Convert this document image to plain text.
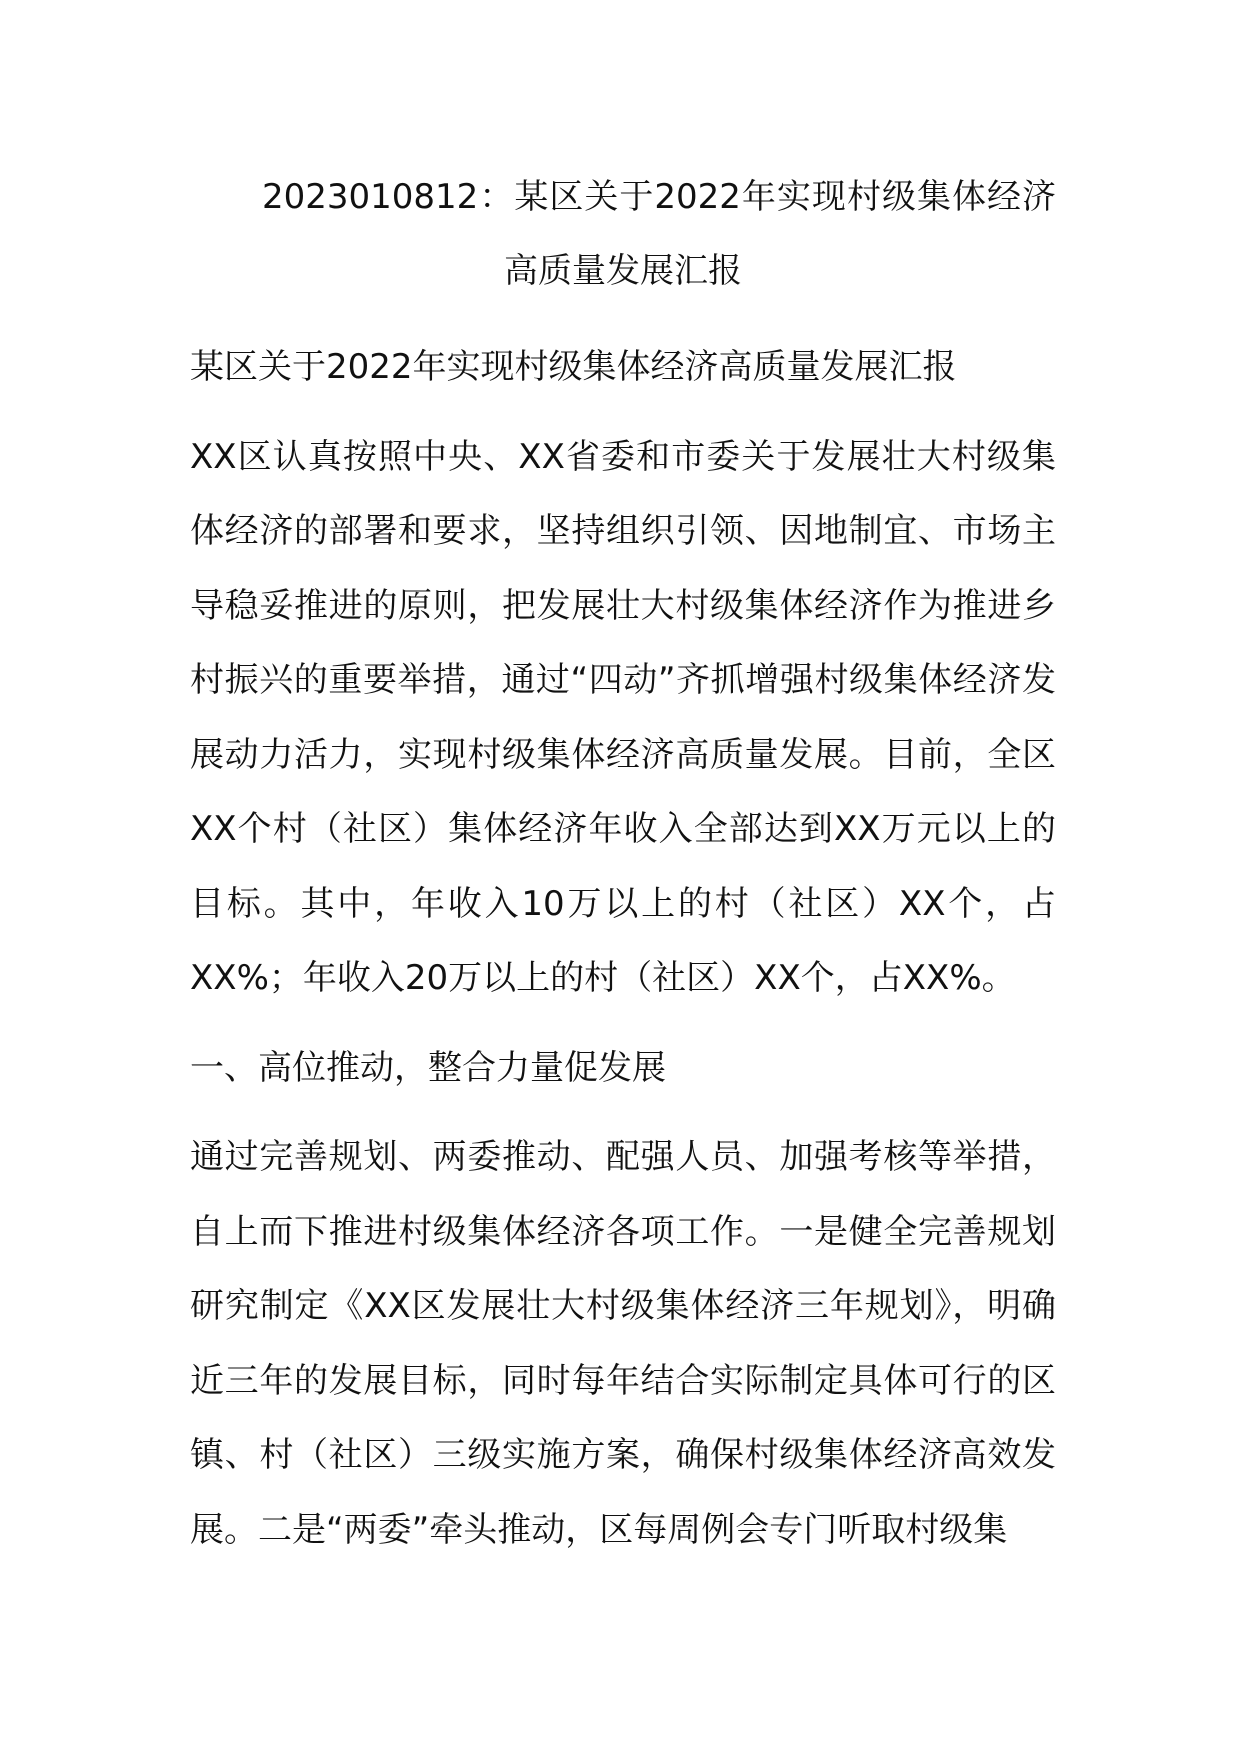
2023010812：某区关于2022年实现村级集体经济高质量发展汇报

某区关于2022年实现村级集体经济高质量发展汇报

XX区认真按照中央、XX省委和市委关于发展壮大村级集体经济的部署和要求，坚持组织引领、因地制宜、市场主导稳妥推进的原则，把发展壮大村级集体经济作为推进乡村振兴的重要举措，通过“四动”齐抓增强村级集体经济发展动力活力，实现村级集体经济高质量发展。目前，全区XX个村（社区）集体经济年收入全部达到XX万元以上的目标。其中，年收入10万以上的村（社区）XX个，占XX%；年收入20万以上的村（社区）XX个，占XX%。

一、高位推动，整合力量促发展

通过完善规划、两委推动、配强人员、加强考核等举措，自上而下推进村级集体经济各项工作。一是健全完善规划研究制定《XX区发展壮大村级集体经济三年规划》，明确近三年的发展目标，同时每年结合实际制定具体可行的区镇、村（社区）三级实施方案，确保村级集体经济高效发展。二是“两委”牵头推动，区每周例会专门听取村级集
